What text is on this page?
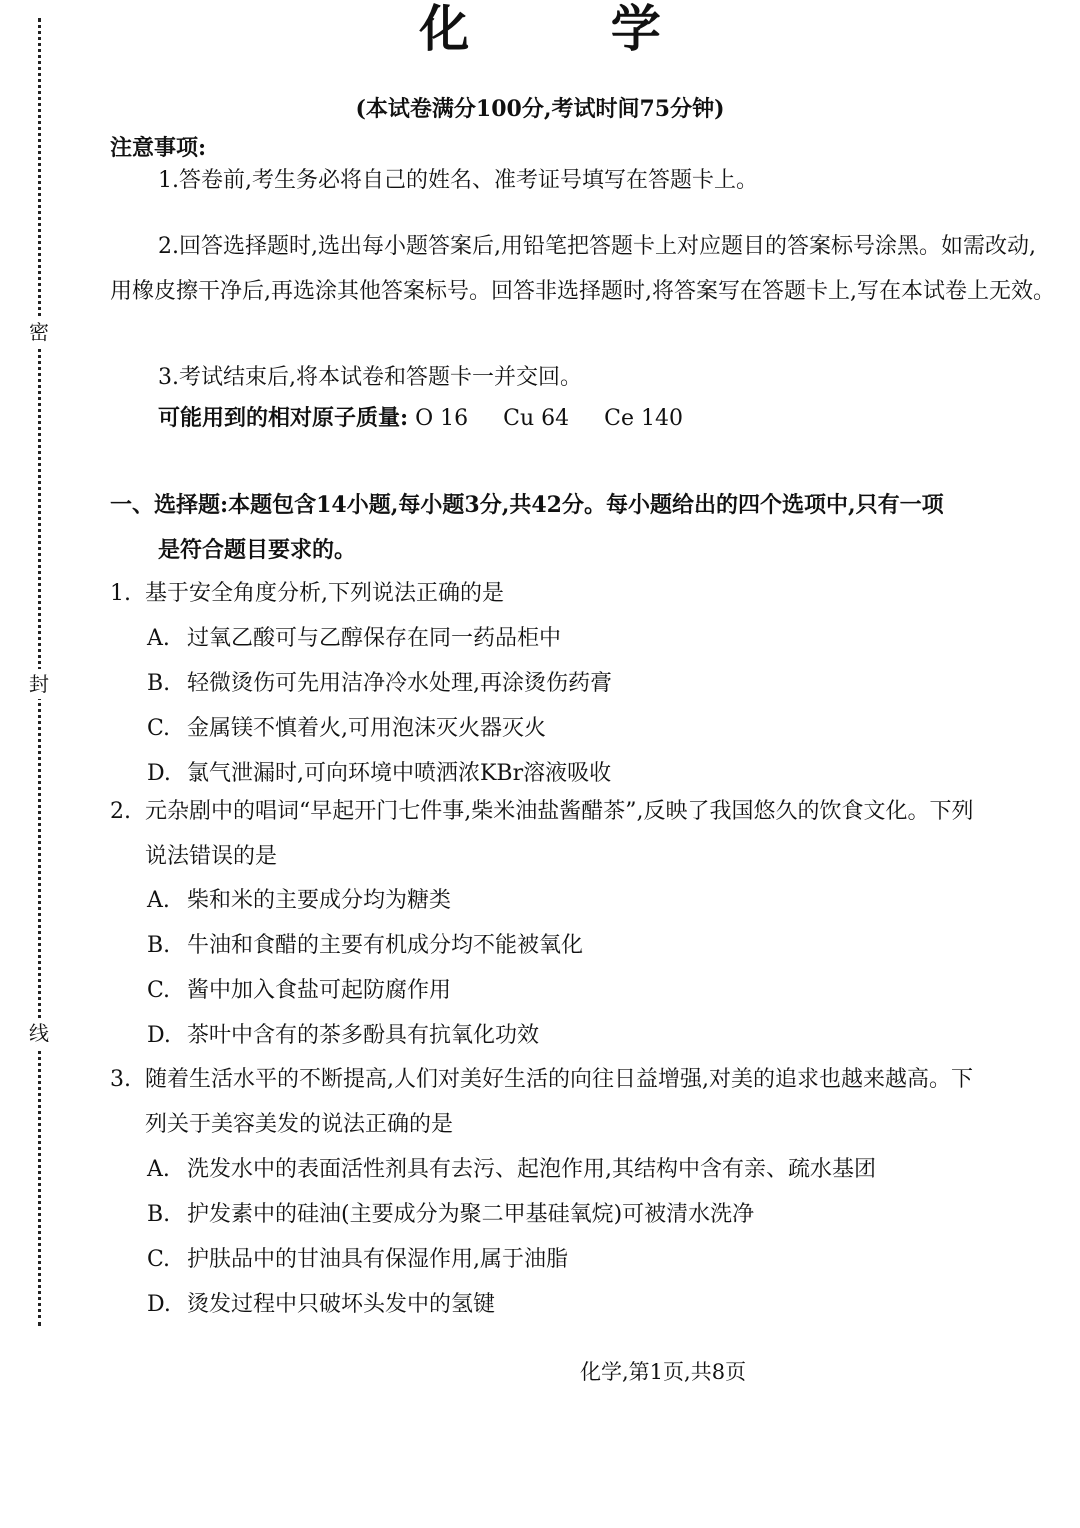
密
封
线
化 学
(本试卷满分100分,考试时间75分钟)
注意事项:

1.答卷前,考生务必将自己的姓名、准考证号填写在答题卡上。

2.回答选择题时,选出每小题答案后,用铅笔把答题卡上对应题目的答案标号涂黑。如需改动,用橡皮擦干净后,再选涂其他答案标号。回答非选择题时,将答案写在答题卡上,写在本试卷上无效。

3.考试结束后,将本试卷和答题卡一并交回。

可能用到的相对原子质量: O 16 Cu 64 Ce 140
一、选择题:本题包含14小题,每小题3分,共42分。每小题给出的四个选项中,只有一项
是符合题目要求的。
1. 基于安全角度分析,下列说法正确的是
A. 过氧乙酸可与乙醇保存在同一药品柜中
B. 轻微烫伤可先用洁净冷水处理,再涂烫伤药膏
C. 金属镁不慎着火,可用泡沫灭火器灭火
D. 氯气泄漏时,可向环境中喷洒浓KBr溶液吸收
2. 元杂剧中的唱词“早起开门七件事,柴米油盐酱醋茶”,反映了我国悠久的饮食文化。下列
说法错误的是
A. 柴和米的主要成分均为糖类
B. 牛油和食醋的主要有机成分均不能被氧化
C. 酱中加入食盐可起防腐作用
D. 茶叶中含有的茶多酚具有抗氧化功效
3. 随着生活水平的不断提高,人们对美好生活的向往日益增强,对美的追求也越来越高。下
列关于美容美发的说法正确的是
A. 洗发水中的表面活性剂具有去污、起泡作用,其结构中含有亲、疏水基团
B. 护发素中的硅油(主要成分为聚二甲基硅氧烷)可被清水洗净
C. 护肤品中的甘油具有保湿作用,属于油脂
D. 烫发过程中只破坏头发中的氢键
化学,第1页,共8页
